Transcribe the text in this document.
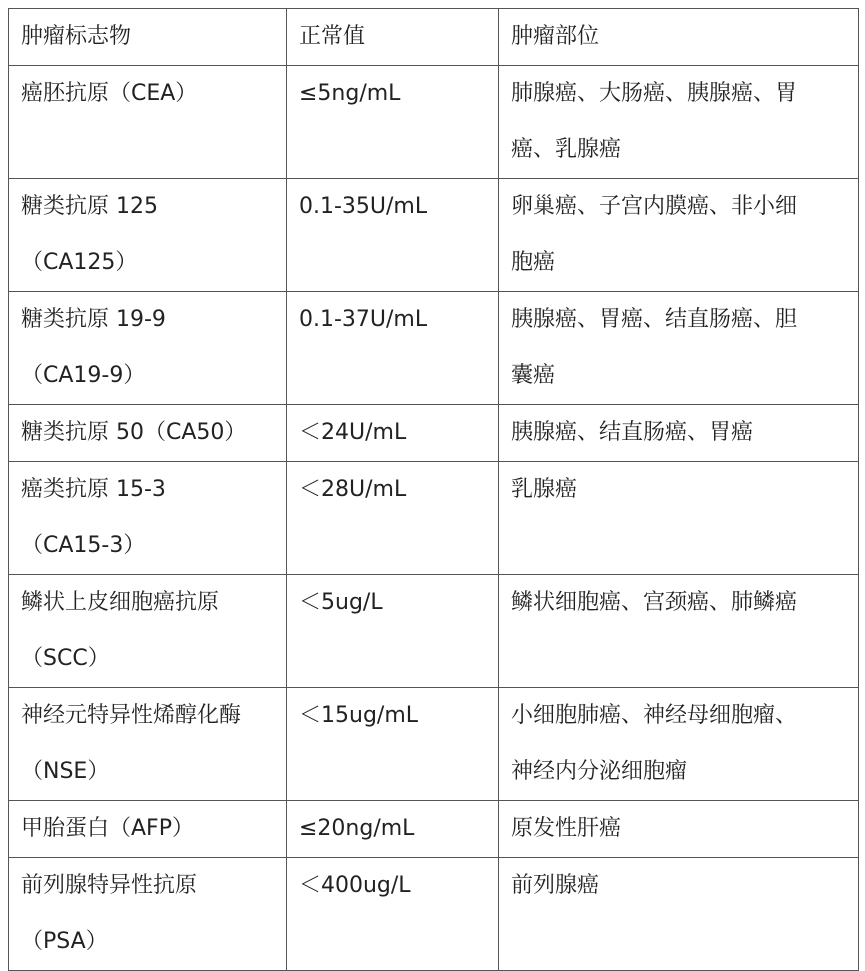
肿瘤标志物	正常值	肿瘤部位

癌胚抗原（CEA）	≤5ng/mL	肺腺癌、大肠癌、胰腺癌、胃
癌、乳腺癌

糖类抗原 125
（CA125）	0.1-35U/mL	卵巢癌、子宫内膜癌、非小细
胞癌

糖类抗原 19-9
（CA19-9）	0.1-37U/mL	胰腺癌、胃癌、结直肠癌、胆
囊癌

糖类抗原 50（CA50）	＜24U/mL	胰腺癌、结直肠癌、胃癌

癌类抗原 15-3
（CA15-3）	＜28U/mL	乳腺癌

鳞状上皮细胞癌抗原
（SCC）	＜5ug/L	鳞状细胞癌、宫颈癌、肺鳞癌

神经元特异性烯醇化酶
（NSE）	＜15ug/mL	小细胞肺癌、神经母细胞瘤、
神经内分泌细胞瘤

甲胎蛋白（AFP）	≤20ng/mL	原发性肝癌

前列腺特异性抗原
（PSA）	＜400ug/L	前列腺癌
